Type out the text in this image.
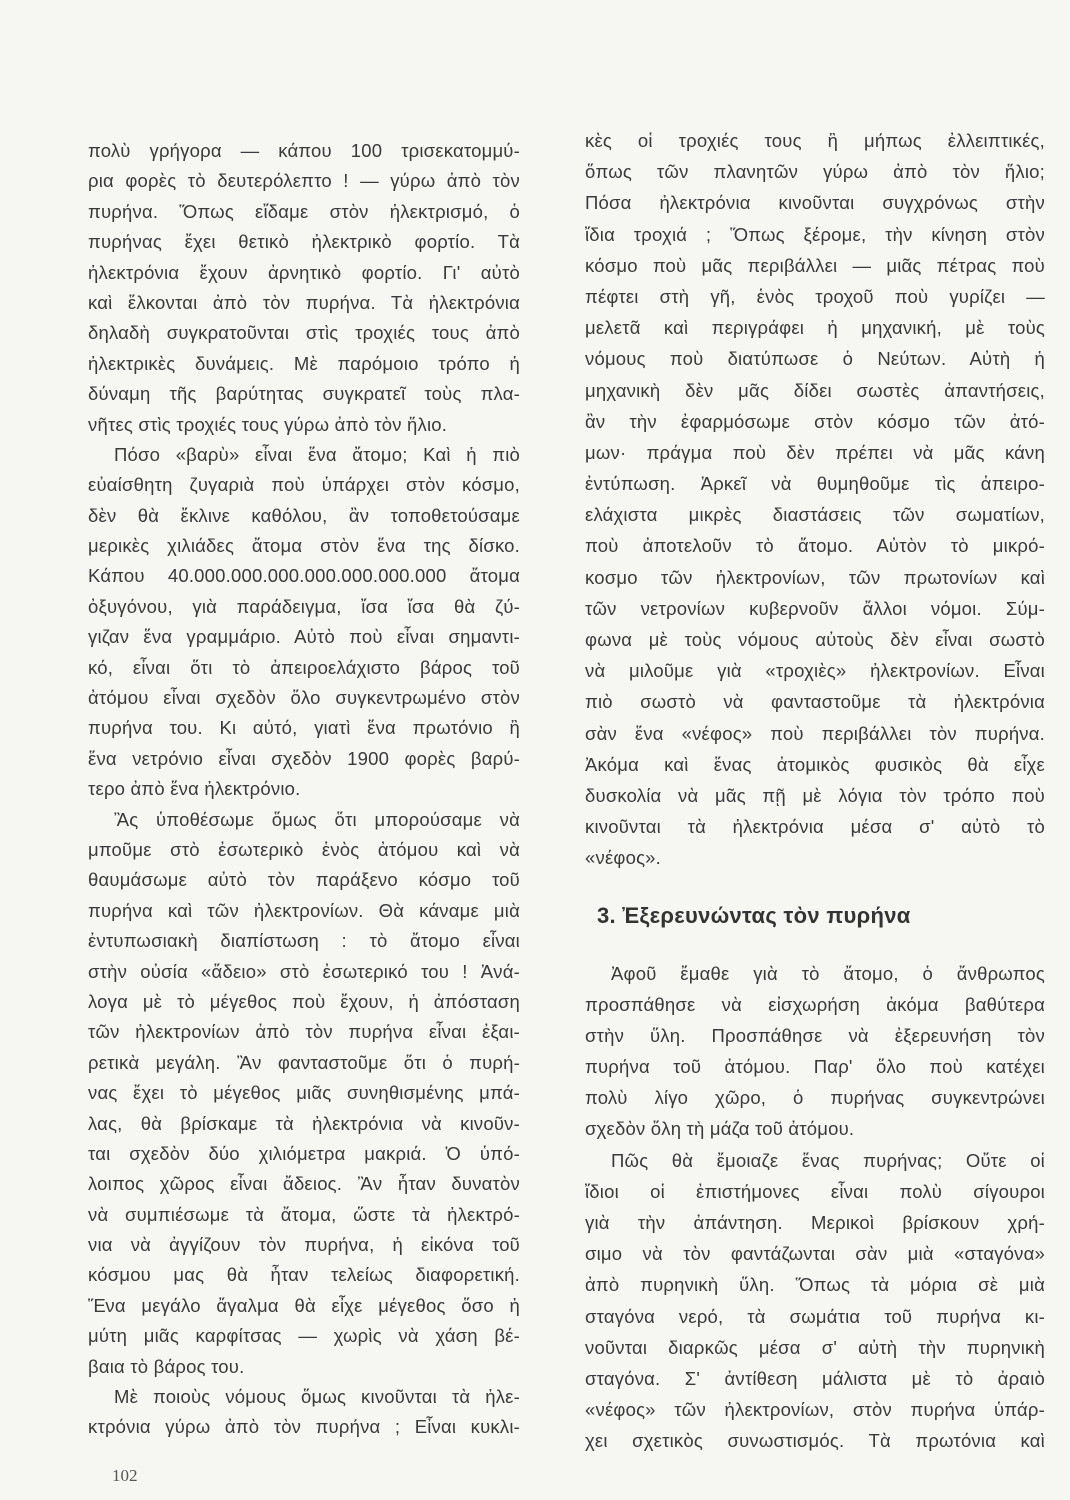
πολὺ γρήγορα — κάπου 100 τρισεκατομμύ-
ρια φορὲς τὸ δευτερόλεπτο ! — γύρω ἀπὸ τὸν
πυρήνα. Ὅπως εἴδαμε στὸν ἠλεκτρισμό, ὁ
πυρήνας ἔχει θετικὸ ἠλεκτρικὸ φορτίο. Τὰ
ἠλεκτρόνια ἔχουν ἀρνητικὸ φορτίο. Γι' αὐτὸ
καὶ ἕλκονται ἀπὸ τὸν πυρήνα. Τὰ ἠλεκτρόνια
δηλαδὴ συγκρατοῦνται στὶς τροχιές τους ἀπὸ
ἠλεκτρικὲς δυνάμεις. Μὲ παρόμοιο τρόπο ἡ
δύναμη τῆς βαρύτητας συγκρατεῖ τοὺς πλα-
νῆτες στὶς τροχιές τους γύρω ἀπὸ τὸν ἥλιο.
Πόσο «βαρὺ» εἶναι ἕνα ἄτομο; Καὶ ἡ πιὸ
εὐαίσθητη ζυγαριὰ ποὺ ὑπάρχει στὸν κόσμο,
δὲν θὰ ἔκλινε καθόλου, ἂν τοποθετούσαμε
μερικὲς χιλιάδες ἄτομα στὸν ἕνα της δίσκο.
Κάπου 40.000.000.000.000.000.000.000 ἄτομα
ὀξυγόνου, γιὰ παράδειγμα, ἴσα ἴσα θὰ ζύ-
γιζαν ἕνα γραμμάριο. Αὐτὸ ποὺ εἶναι σημαντι-
κό, εἶναι ὅτι τὸ ἀπειροελάχιστο βάρος τοῦ
ἀτόμου εἶναι σχεδὸν ὅλο συγκεντρωμένο στὸν
πυρήνα του. Κι αὐτό, γιατὶ ἕνα πρωτόνιο ἢ
ἕνα νετρόνιο εἶναι σχεδὸν 1900 φορὲς βαρύ-
τερο ἀπὸ ἕνα ἠλεκτρόνιο.
Ἂς ὑποθέσωμε ὅμως ὅτι μπορούσαμε νὰ
μποῦμε στὸ ἐσωτερικὸ ἑνὸς ἀτόμου καὶ νὰ
θαυμάσωμε αὐτὸ τὸν παράξενο κόσμο τοῦ
πυρήνα καὶ τῶν ἠλεκτρονίων. Θὰ κάναμε μιὰ
ἐντυπωσιακὴ διαπίστωση : τὸ ἄτομο εἶναι
στὴν οὐσία «ἄδειο» στὸ ἐσωτερικό του ! Ἀνά-
λογα μὲ τὸ μέγεθος ποὺ ἔχουν, ἡ ἀπόσταση
τῶν ἠλεκτρονίων ἀπὸ τὸν πυρήνα εἶναι ἐξαι-
ρετικὰ μεγάλη. Ἂν φανταστοῦμε ὅτι ὁ πυρή-
νας ἔχει τὸ μέγεθος μιᾶς συνηθισμένης μπά-
λας, θὰ βρίσκαμε τὰ ἠλεκτρόνια νὰ κινοῦν-
ται σχεδὸν δύο χιλιόμετρα μακριά. Ὁ ὑπό-
λοιπος χῶρος εἶναι ἄδειος. Ἂν ἦταν δυνατὸν
νὰ συμπιέσωμε τὰ ἄτομα, ὥστε τὰ ἠλεκτρό-
νια νὰ ἀγγίζουν τὸν πυρήνα, ἡ εἰκόνα τοῦ
κόσμου μας θὰ ἦταν τελείως διαφορετική.
Ἕνα μεγάλο ἄγαλμα θὰ εἶχε μέγεθος ὅσο ἡ
μύτη μιᾶς καρφίτσας — χωρὶς νὰ χάση βέ-
βαια τὸ βάρος του.
Μὲ ποιοὺς νόμους ὅμως κινοῦνται τὰ ἠλε-
κτρόνια γύρω ἀπὸ τὸν πυρήνα ; Εἶναι κυκλι-
κὲς οἱ τροχιές τους ἢ μήπως ἐλλειπτικές,
ὅπως τῶν πλανητῶν γύρω ἀπὸ τὸν ἥλιο;
Πόσα ἠλεκτρόνια κινοῦνται συγχρόνως στὴν
ἴδια τροχιά ; Ὅπως ξέρομε, τὴν κίνηση στὸν
κόσμο ποὺ μᾶς περιβάλλει — μιᾶς πέτρας ποὺ
πέφτει στὴ γῆ, ἑνὸς τροχοῦ ποὺ γυρίζει —
μελετᾶ καὶ περιγράφει ἡ μηχανική, μὲ τοὺς
νόμους ποὺ διατύπωσε ὁ Νεύτων. Αὐτὴ ἡ
μηχανικὴ δὲν μᾶς δίδει σωστὲς ἀπαντήσεις,
ἂν τὴν ἐφαρμόσωμε στὸν κόσμο τῶν ἀτό-
μων· πράγμα ποὺ δὲν πρέπει νὰ μᾶς κάνη
ἐντύπωση. Ἀρκεῖ νὰ θυμηθοῦμε τὶς ἀπειρο-
ελάχιστα μικρὲς διαστάσεις τῶν σωματίων,
ποὺ ἀποτελοῦν τὸ ἄτομο. Αὐτὸν τὸ μικρό-
κοσμο τῶν ἠλεκτρονίων, τῶν πρωτονίων καὶ
τῶν νετρονίων κυβερνοῦν ἄλλοι νόμοι. Σύμ-
φωνα μὲ τοὺς νόμους αὐτοὺς δὲν εἶναι σωστὸ
νὰ μιλοῦμε γιὰ «τροχιὲς» ἠλεκτρονίων. Εἶναι
πιὸ σωστὸ νὰ φανταστοῦμε τὰ ἠλεκτρόνια
σὰν ἕνα «νέφος» ποὺ περιβάλλει τὸν πυρήνα.
Ἀκόμα καὶ ἕνας ἀτομικὸς φυσικὸς θὰ εἶχε
δυσκολία νὰ μᾶς πῇ μὲ λόγια τὸν τρόπο ποὺ
κινοῦνται τὰ ἠλεκτρόνια μέσα σ' αὐτὸ τὸ
«νέφος».
3. Ἐξερευνώντας τὸν πυρήνα
Ἀφοῦ ἔμαθε γιὰ τὸ ἄτομο, ὁ ἄνθρωπος
προσπάθησε νὰ εἰσχωρήση ἀκόμα βαθύτερα
στὴν ὕλη. Προσπάθησε νὰ ἐξερευνήση τὸν
πυρήνα τοῦ ἀτόμου. Παρ' ὅλο ποὺ κατέχει
πολὺ λίγο χῶρο, ὁ πυρήνας συγκεντρώνει
σχεδὸν ὅλη τὴ μάζα τοῦ ἀτόμου.
Πῶς θὰ ἔμοιαζε ἕνας πυρήνας; Οὔτε οἱ
ἴδιοι οἱ ἐπιστήμονες εἶναι πολὺ σίγουροι
γιὰ τὴν ἀπάντηση. Μερικοὶ βρίσκουν χρή-
σιμο νὰ τὸν φαντάζωνται σὰν μιὰ «σταγόνα»
ἀπὸ πυρηνικὴ ὕλη. Ὅπως τὰ μόρια σὲ μιὰ
σταγόνα νερό, τὰ σωμάτια τοῦ πυρήνα κι-
νοῦνται διαρκῶς μέσα σ' αὐτὴ τὴν πυρηνικὴ
σταγόνα. Σ' ἀντίθεση μάλιστα μὲ τὸ ἀραιὸ
«νέφος» τῶν ἠλεκτρονίων, στὸν πυρήνα ὑπάρ-
χει σχετικὸς συνωστισμός. Τὰ πρωτόνια καὶ
102
